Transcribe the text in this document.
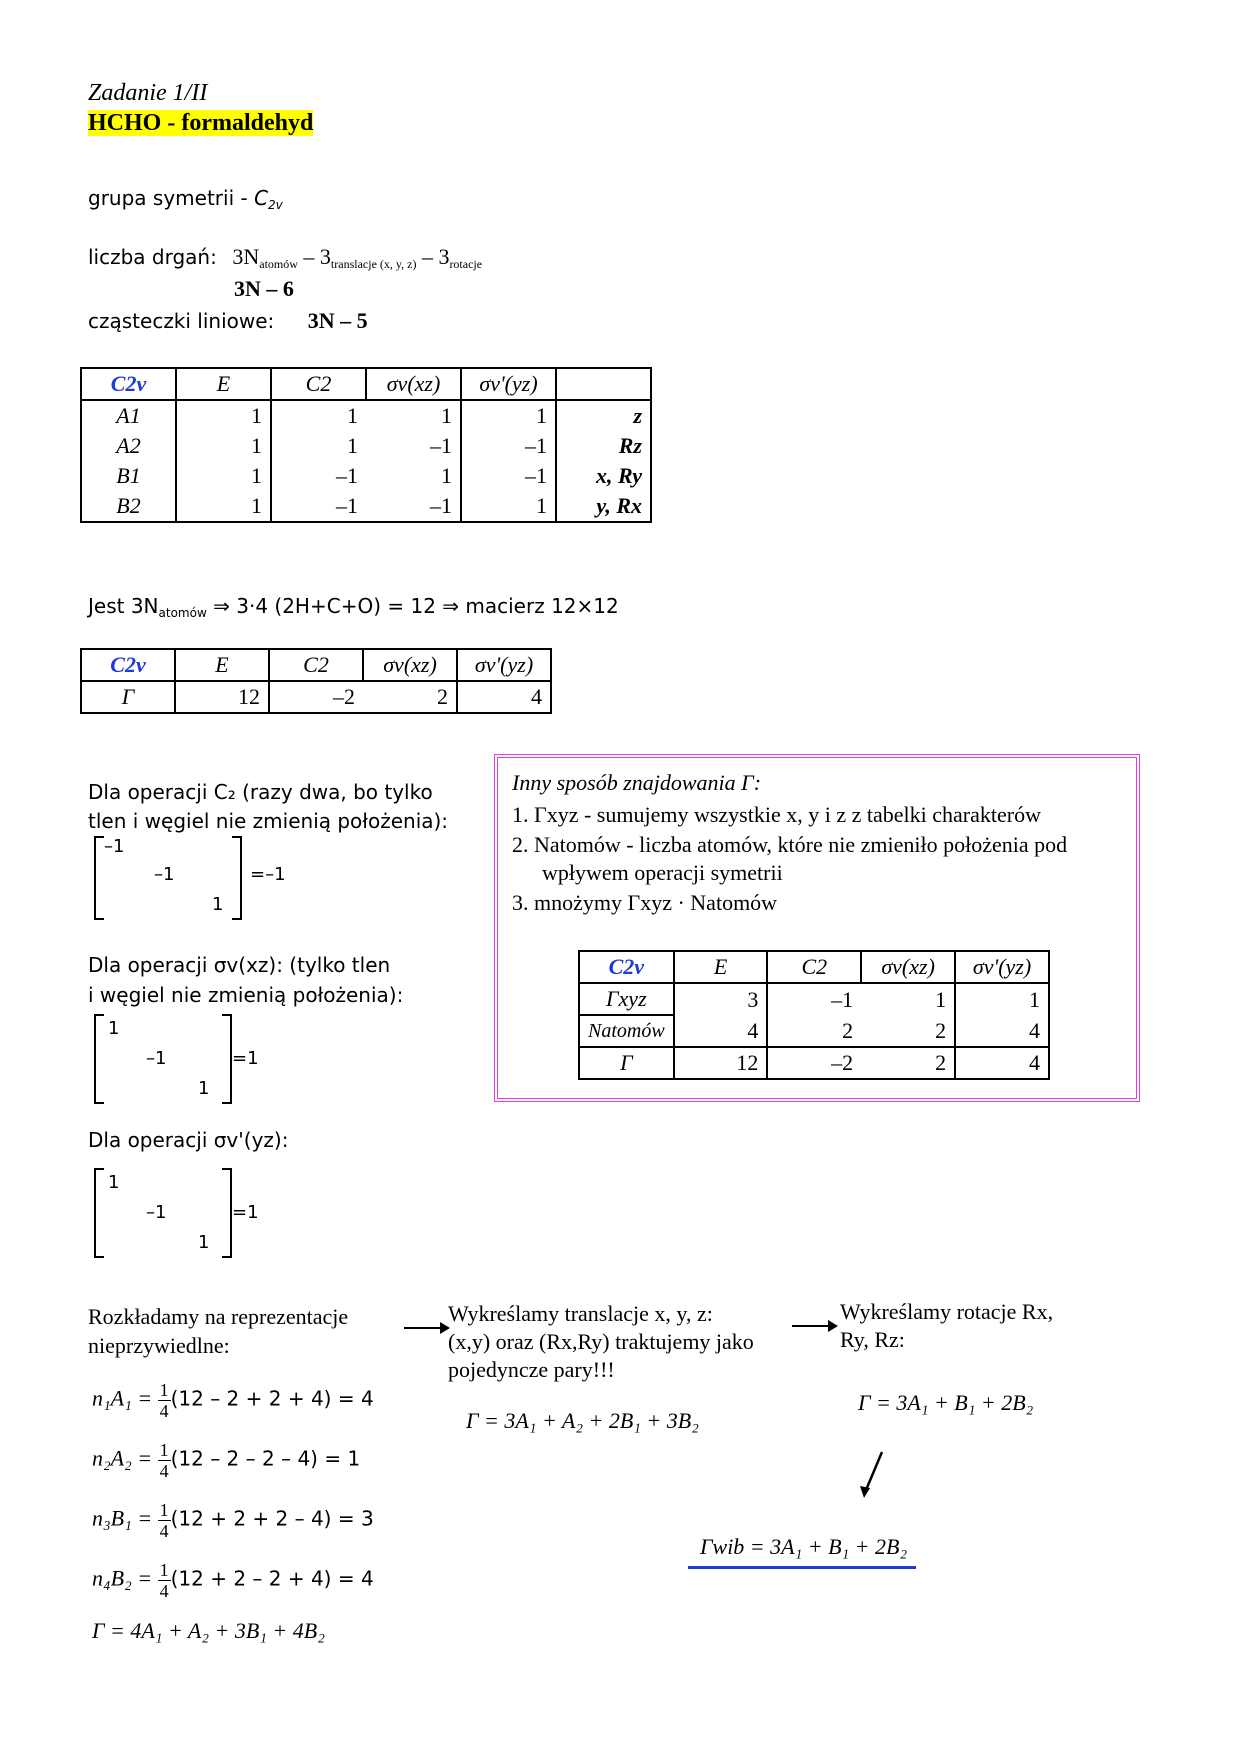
Zadanie 1/II
HCHO - formaldehyd
grupa symetrii - $C_{2v}$
liczba drgań: $3N_{atomów} - 3_{translacje (x, y, z)} - 3_{rotacje}$
3N – 6
cząsteczki liniowe: 3N – 5
C2v	E	C2	σv(xz)	σv'(yz)	
A1	1	1	1	1	z
A2	1	1	–1	–1	Rz
B1	1	–1	1	–1	x, Ry
B2	1	–1	–1	1	y, Rx
Jest $3N_{atomów}$ ⇒ 3·4 (2H+C+O) = 12 ⇒ macierz 12×12
C2v	E	C2	σv(xz)	σv'(yz)
Γ	12	–2	2	4
Dla operacji C₂ (razy dwa, bo tylko
tlen i węgiel nie zmienią położenia):
–1
–1
1
=–1
Dla operacji σv(xz): (tylko tlen
i węgiel nie zmienią położenia):
1
–1
1
=1
Dla operacji σv'(yz):
1
–1
1
=1
Inny sposób znajdowania Γ:
1. Γxyz - sumujemy wszystkie x, y i z z tabelki charakterów
2. Natomów - liczba atomów, które nie zmieniło położenia pod
wpływem operacji symetrii
3. mnożymy Γxyz · Natomów
C2v	E	C2	σv(xz)	σv'(yz)
Γxyz	3	–1	1	1
Natomów	4	2	2	4
Γ	12	–2	2	4
Rozkładamy na reprezentacje
nieprzywiedlne:
$n_1A_1 = \frac{1}{4} (12 - 2 + 2 + 4) = 4$
$n_2A_2 = \frac{1}{4} (12 - 2 - 2 - 4) = 1$
$n_3B_1 = \frac{1}{4} (12 + 2 + 2 - 4) = 3$
$n_4B_2 = \frac{1}{4} (12 + 2 - 2 + 4) = 4$
Γ = 4A₁ + A₂ + 3B₁ + 4B₂
Wykreślamy translacje x, y, z:
(x,y) oraz (Rx,Ry) traktujemy jako
pojedyncze pary!!!
Γ = 3A₁ + A₂ + 2B₁ + 3B₂
Wykreślamy rotacje Rx,
Ry, Rz:
Γ = 3A₁ + B₁ + 2B₂
Γwib = 3A₁ + B₁ + 2B₂
